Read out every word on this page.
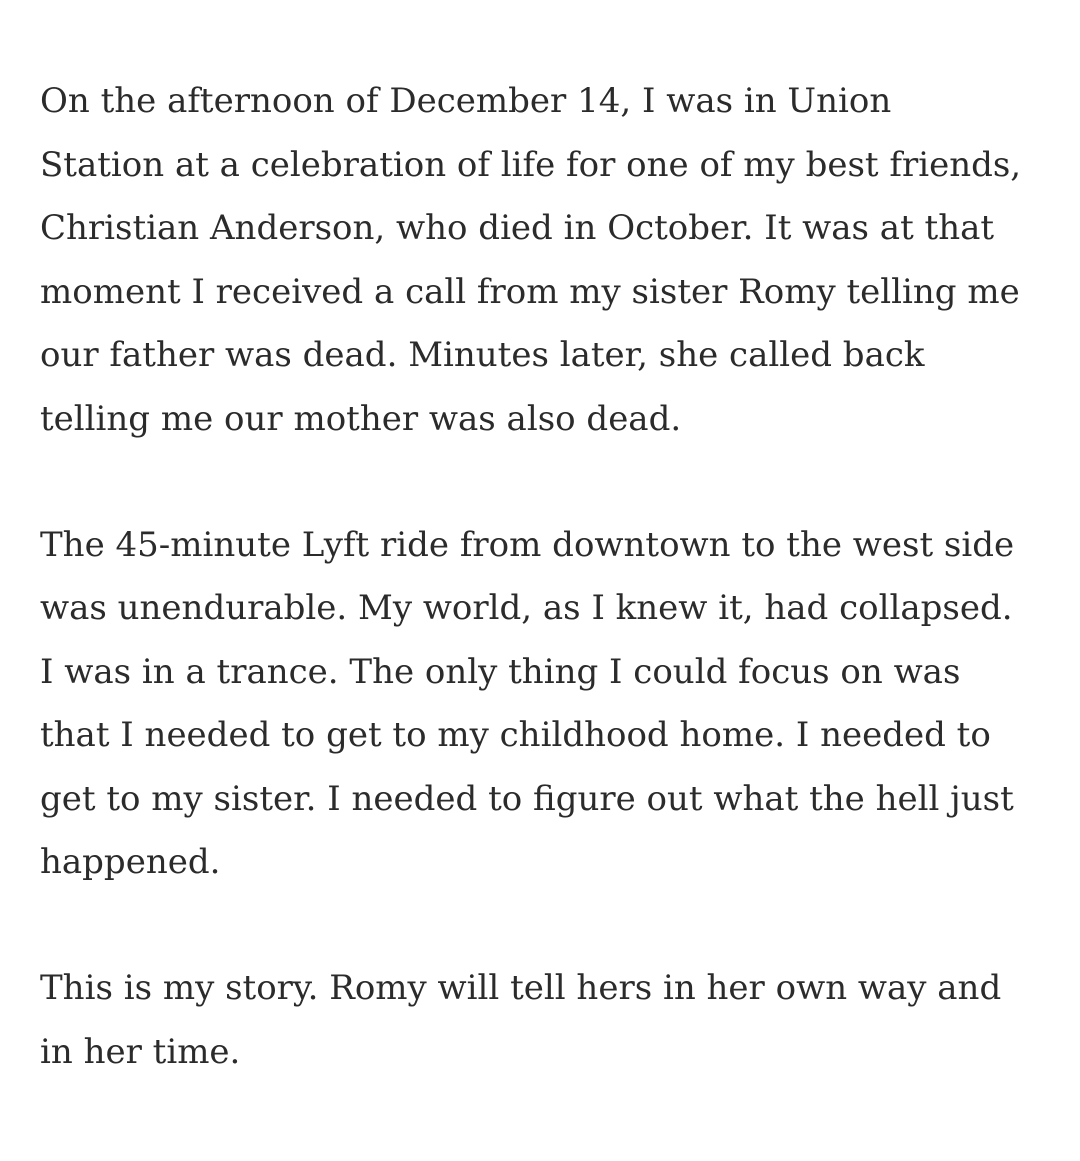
On the afternoon of December 14, I was in Union
Station at a celebration of life for one of my best friends,
Christian Anderson, who died in October. It was at that
moment I received a call from my sister Romy telling me
our father was dead. Minutes later, she called back
telling me our mother was also dead.

The 45-minute Lyft ride from downtown to the west side
was unendurable. My world, as I knew it, had collapsed.
I was in a trance. The only thing I could focus on was
that I needed to get to my childhood home. I needed to
get to my sister. I needed to figure out what the hell just
happened.

This is my story. Romy will tell hers in her own way and
in her time.
